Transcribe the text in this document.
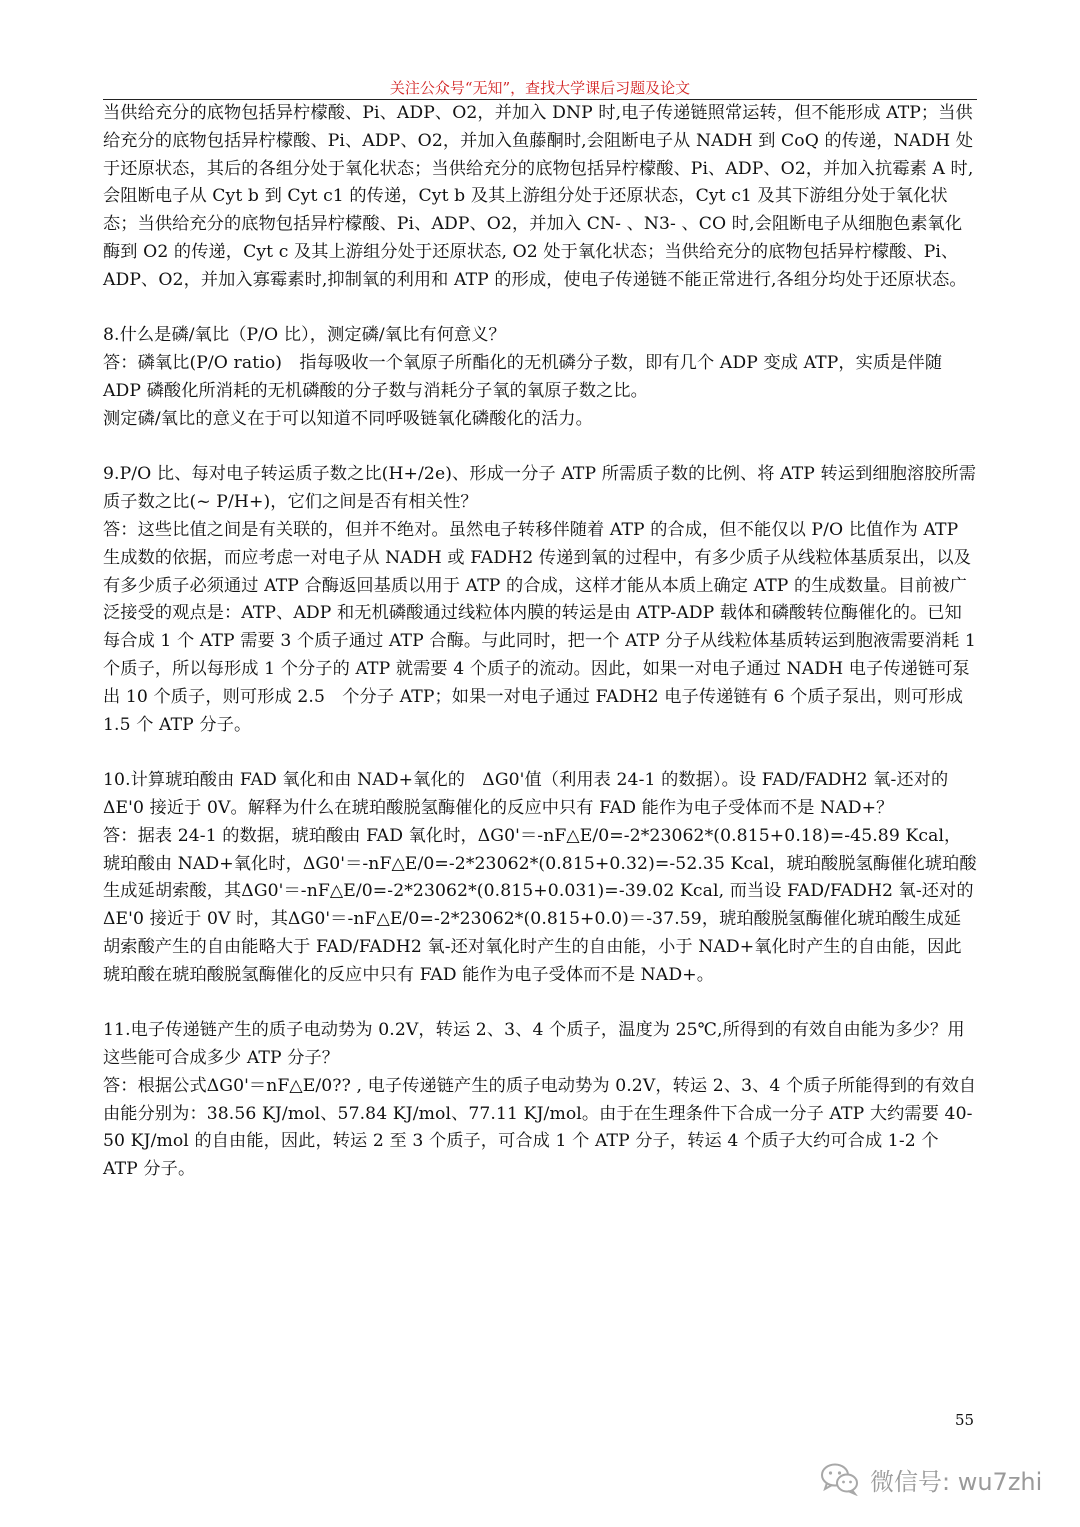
关注公众号“无知”，查找大学课后习题及论文

当供给充分的底物包括异柠檬酸、Pi、ADP、O2，并加入 DNP 时,电子传递链照常运转，但不能形成 ATP；当供给充分的底物包括异柠檬酸、Pi、ADP、O2，并加入鱼藤酮时,会阻断电子从 NADH 到 CoQ 的传递，NADH 处于还原状态，其后的各组分处于氧化状态；当供给充分的底物包括异柠檬酸、Pi、ADP、O2，并加入抗霉素 A 时,会阻断电子从 Cyt b 到 Cyt c1 的传递，Cyt b 及其上游组分处于还原状态，Cyt c1 及其下游组分处于氧化状态；当供给充分的底物包括异柠檬酸、Pi、ADP、O2，并加入 CN- 、N3- 、CO 时,会阻断电子从细胞色素氧化酶到 O2 的传递，Cyt c 及其上游组分处于还原状态, O2 处于氧化状态；当供给充分的底物包括异柠檬酸、Pi、ADP、O2，并加入寡霉素时,抑制氧的利用和 ATP 的形成，使电子传递链不能正常进行,各组分均处于还原状态。

8.什么是磷/氧比（P/O 比），测定磷/氧比有何意义？

答：磷氧比(P/O ratio)　指每吸收一个氧原子所酯化的无机磷分子数，即有几个 ADP 变成 ATP，实质是伴随 ADP 磷酸化所消耗的无机磷酸的分子数与消耗分子氧的氧原子数之比。

测定磷/氧比的意义在于可以知道不同呼吸链氧化磷酸化的活力。

9.P/O 比、每对电子转运质子数之比(H+/2e)、形成一分子 ATP 所需质子数的比例、将 ATP 转运到细胞溶胶所需质子数之比(~ P/H+)，它们之间是否有相关性？

答：这些比值之间是有关联的，但并不绝对。虽然电子转移伴随着 ATP 的合成，但不能仅以 P/O 比值作为 ATP 生成数的依据，而应考虑一对电子从 NADH 或 FADH2 传递到氧的过程中，有多少质子从线粒体基质泵出，以及有多少质子必须通过 ATP 合酶返回基质以用于 ATP 的合成，这样才能从本质上确定 ATP 的生成数量。目前被广泛接受的观点是：ATP、ADP 和无机磷酸通过线粒体内膜的转运是由 ATP-ADP 载体和磷酸转位酶催化的。已知每合成 1 个 ATP 需要 3 个质子通过 ATP 合酶。与此同时，把一个 ATP 分子从线粒体基质转运到胞液需要消耗 1 个质子，所以每形成 1 个分子的 ATP 就需要 4 个质子的流动。因此，如果一对电子通过 NADH 电子传递链可泵出 10 个质子，则可形成 2.5　个分子 ATP；如果一对电子通过 FADH2 电子传递链有 6 个质子泵出，则可形成 1.5 个 ATP 分子。

10.计算琥珀酸由 FAD 氧化和由 NAD+氧化的　ΔG0'值（利用表 24-1 的数据）。设 FAD/FADH2 氧-还对的ΔE'0 接近于 0V。解释为什么在琥珀酸脱氢酶催化的反应中只有 FAD 能作为电子受体而不是 NAD+？

答：据表 24-1 的数据，琥珀酸由 FAD 氧化时，ΔG0'＝-nF△E/0=-2*23062*(0.815+0.18)=-45.89 Kcal，琥珀酸由 NAD+氧化时，ΔG0'＝-nF△E/0=-2*23062*(0.815+0.32)=-52.35 Kcal，琥珀酸脱氢酶催化琥珀酸生成延胡索酸，其ΔG0'＝-nF△E/0=-2*23062*(0.815+0.031)=-39.02 Kcal, 而当设 FAD/FADH2 氧-还对的ΔE'0 接近于 0V 时，其ΔG0'＝-nF△E/0=-2*23062*(0.815+0.0)＝-37.59，琥珀酸脱氢酶催化琥珀酸生成延胡索酸产生的自由能略大于 FAD/FADH2 氧-还对氧化时产生的自由能，小于 NAD+氧化时产生的自由能，因此琥珀酸在琥珀酸脱氢酶催化的反应中只有 FAD 能作为电子受体而不是 NAD+。

11.电子传递链产生的质子电动势为 0.2V，转运 2、3、4 个质子，温度为 25℃,所得到的有效自由能为多少？用这些能可合成多少 ATP 分子？

答：根据公式ΔG0'＝nF△E/0?? , 电子传递链产生的质子电动势为 0.2V，转运 2、3、4 个质子所能得到的有效自由能分别为：38.56 KJ/mol、57.84 KJ/mol、77.11 KJ/mol。由于在生理条件下合成一分子 ATP 大约需要 40-50 KJ/mol 的自由能，因此，转运 2 至 3 个质子，可合成 1 个 ATP 分子，转运 4 个质子大约可合成 1-2 个 ATP 分子。

55
微信号: wu7zhi
